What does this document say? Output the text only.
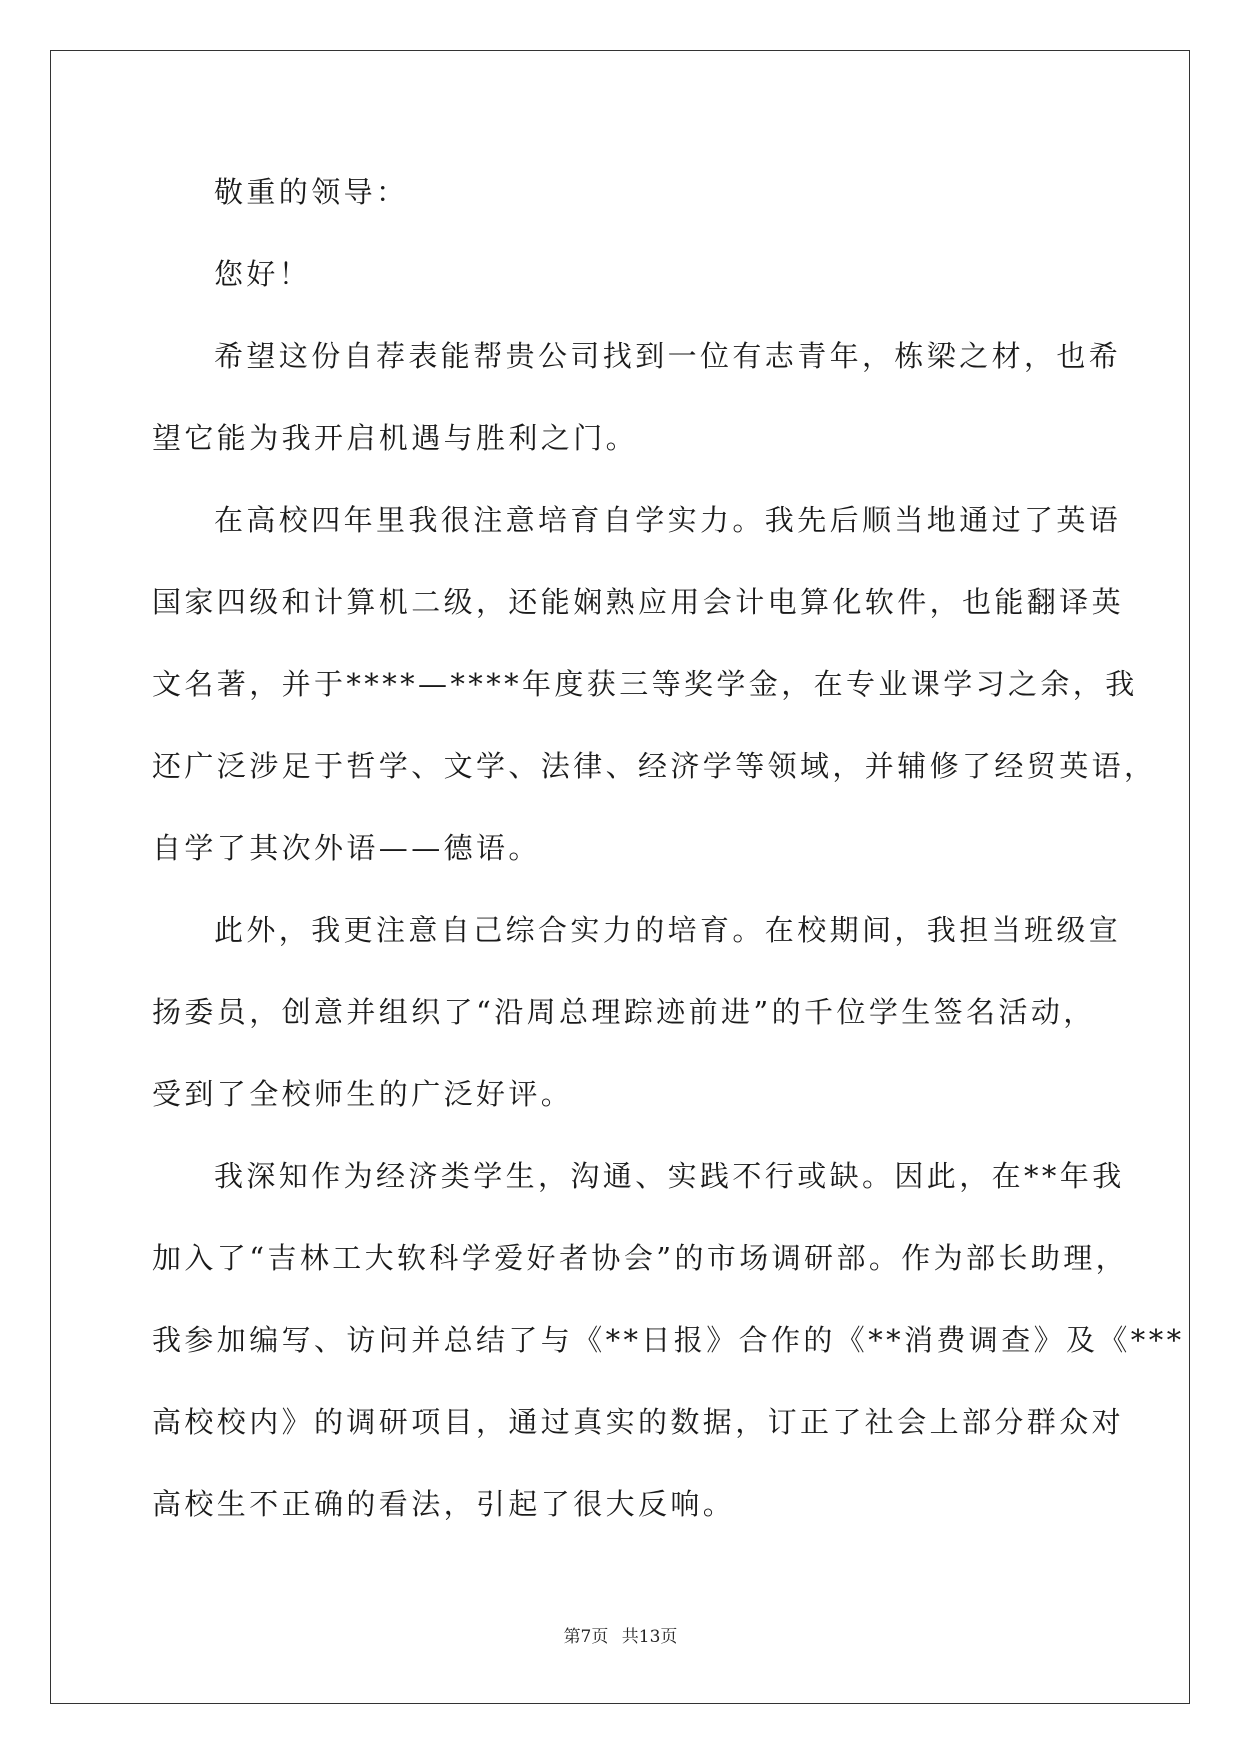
敬重的领导：
您好！
希望这份自荐表能帮贵公司找到一位有志青年，栋梁之材，也希
望它能为我开启机遇与胜利之门。
在高校四年里我很注意培育自学实力。我先后顺当地通过了英语
国家四级和计算机二级，还能娴熟应用会计电算化软件，也能翻译英
文名著，并于****—****年度获三等奖学金，在专业课学习之余，我
还广泛涉足于哲学、文学、法律、经济学等领域，并辅修了经贸英语，
自学了其次外语——德语。
此外，我更注意自己综合实力的培育。在校期间，我担当班级宣
扬委员，创意并组织了“沿周总理踪迹前进”的千位学生签名活动，
受到了全校师生的广泛好评。
我深知作为经济类学生，沟通、实践不行或缺。因此，在**年我
加入了“吉林工大软科学爱好者协会”的市场调研部。作为部长助理，
我参加编写、访问并总结了与《**日报》合作的《**消费调查》及《***
高校校内》的调研项目，通过真实的数据，订正了社会上部分群众对
高校生不正确的看法，引起了很大反响。
第7页 共13页
